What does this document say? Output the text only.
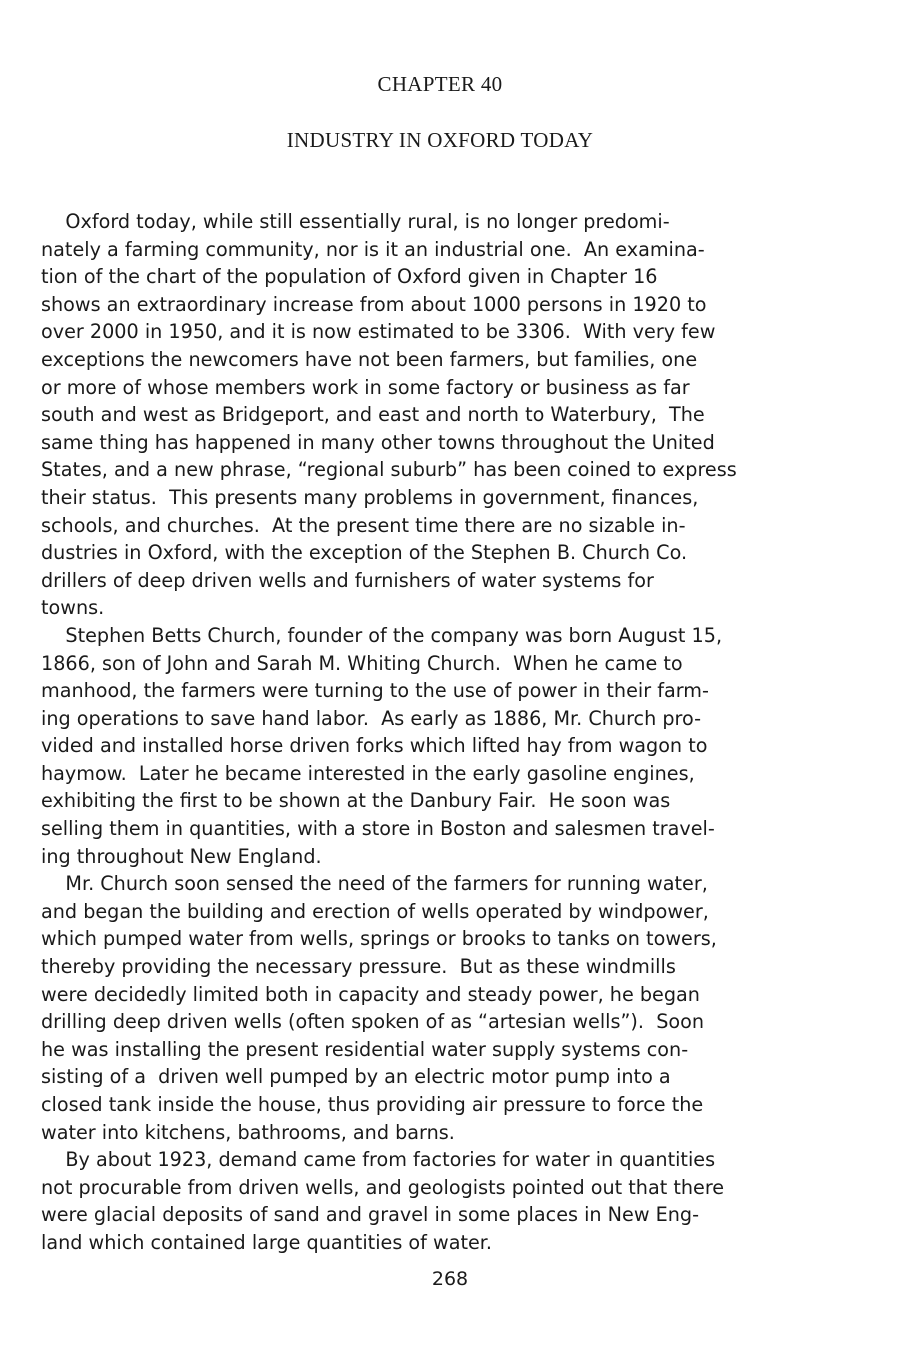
CHAPTER 40
INDUSTRY IN OXFORD TODAY
Oxford today, while still essentially rural, is no longer predomi-
nately a farming community, nor is it an industrial one.  An examina-
tion of the chart of the population of Oxford given in Chapter 16
shows an extraordinary increase from about 1000 persons in 1920 to
over 2000 in 1950, and it is now estimated to be 3306.  With very few
exceptions the newcomers have not been farmers, but families, one
or more of whose members work in some factory or business as far
south and west as Bridgeport, and east and north to Waterbury,  The
same thing has happened in many other towns throughout the United
States, and a new phrase, “regional suburb” has been coined to express
their status.  This presents many problems in government, finances,
schools, and churches.  At the present time there are no sizable in-
dustries in Oxford, with the exception of the Stephen B. Church Co.
drillers of deep driven wells and furnishers of water systems for
towns.
Stephen Betts Church, founder of the company was born August 15,
1866, son of John and Sarah M. Whiting Church.  When he came to
manhood, the farmers were turning to the use of power in their farm-
ing operations to save hand labor.  As early as 1886, Mr. Church pro-
vided and installed horse driven forks which lifted hay from wagon to
haymow.  Later he became interested in the early gasoline engines,
exhibiting the first to be shown at the Danbury Fair.  He soon was
selling them in quantities, with a store in Boston and salesmen travel-
ing throughout New England.
Mr. Church soon sensed the need of the farmers for running water,
and began the building and erection of wells operated by windpower,
which pumped water from wells, springs or brooks to tanks on towers,
thereby providing the necessary pressure.  But as these windmills
were decidedly limited both in capacity and steady power, he began
drilling deep driven wells (often spoken of as “artesian wells”).  Soon
he was installing the present residential water supply systems con-
sisting of a  driven well pumped by an electric motor pump into a
closed tank inside the house, thus providing air pressure to force the
water into kitchens, bathrooms, and barns.
By about 1923, demand came from factories for water in quantities
not procurable from driven wells, and geologists pointed out that there
were glacial deposits of sand and gravel in some places in New Eng-
land which contained large quantities of water.
268
